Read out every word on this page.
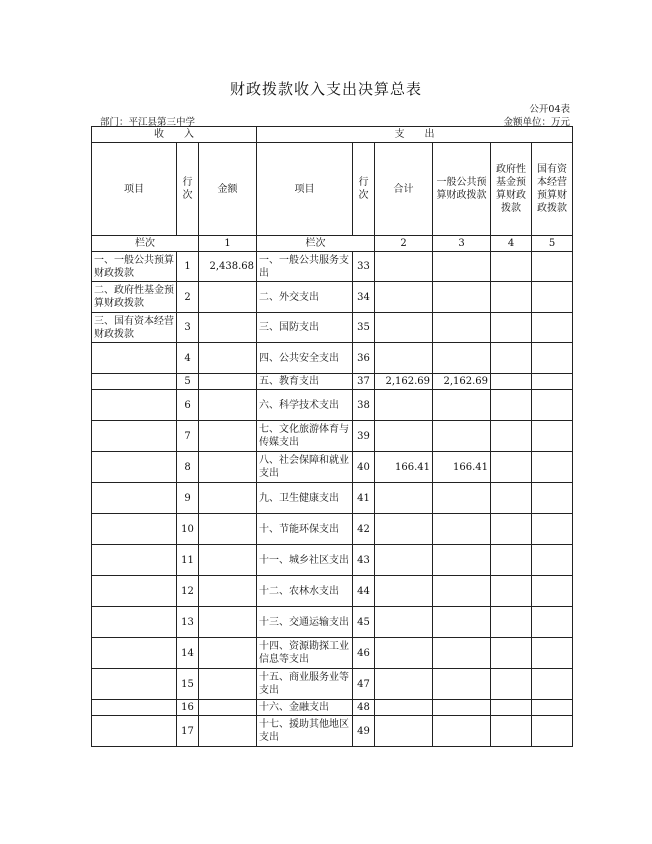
财政拨款收入支出决算总表
公开04表
部门：平江县第三中学	金额单位：万元
收　　入			支　　出					
项目	行次	金额	项目	行次	合计	一般公共预算财政拨款	政府性基金预算财政拨款	国有资本经营预算财政拨款
栏次		1	栏次		2	3	4	5
一、一般公共预算财政拨款	1	2,438.68	一、一般公共服务支出	33				
二、政府性基金预算财政拨款	2		二、外交支出	34				
三、国有资本经营财政拨款	3		三、国防支出	35				
	4		四、公共安全支出	36				
	5		五、教育支出	37	2,162.69	2,162.69		
	6		六、科学技术支出	38				
	7		七、文化旅游体育与传媒支出	39				
	8		八、社会保障和就业支出	40	166.41	166.41		
	9		九、卫生健康支出	41				
	10		十、节能环保支出	42				
	11		十一、城乡社区支出	43				
	12		十二、农林水支出	44				
	13		十三、交通运输支出	45				
	14		十四、资源勘探工业信息等支出	46				
	15		十五、商业服务业等支出	47				
	16		十六、金融支出	48				
	17		十七、援助其他地区支出	49				
